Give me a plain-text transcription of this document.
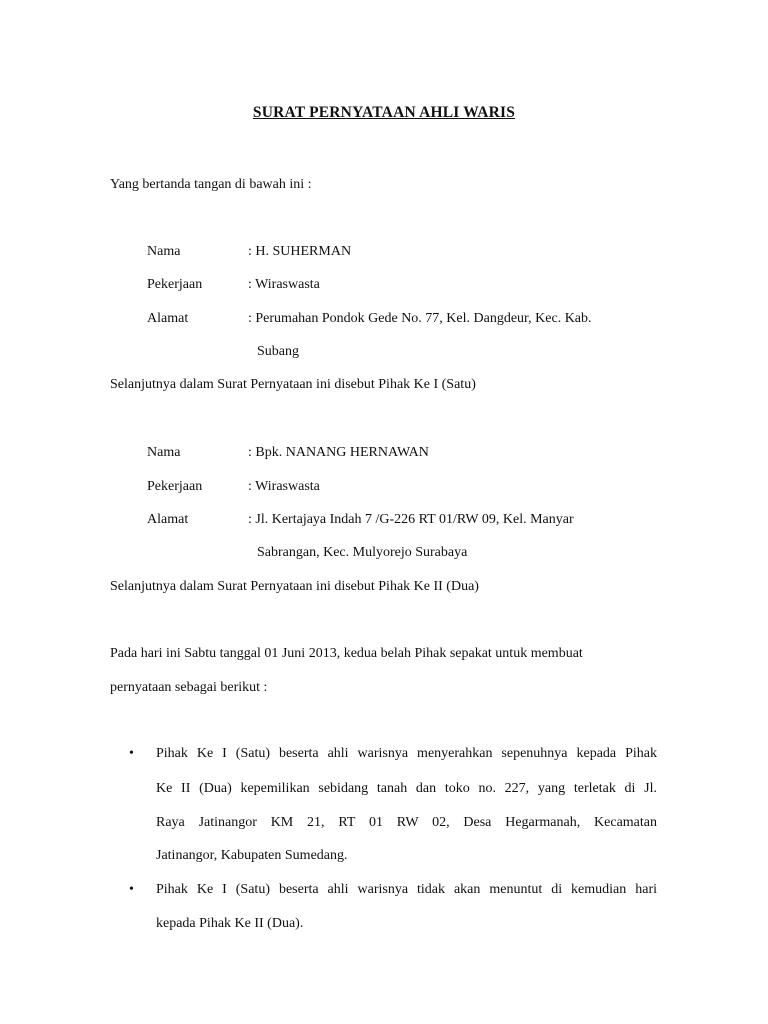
SURAT PERNYATAAN AHLI WARIS
Yang bertanda tangan di bawah ini :
Nama	: H. SUHERMAN
Pekerjaan	: Wiraswasta
Alamat	: Perumahan Pondok Gede No. 77, Kel. Dangdeur, Kec. Kab.
Subang
Selanjutnya dalam Surat Pernyataan ini disebut Pihak Ke I (Satu)
Nama	: Bpk. NANANG HERNAWAN
Pekerjaan	: Wiraswasta
Alamat	: Jl. Kertajaya Indah 7 /G-226 RT 01/RW 09, Kel. Manyar
Sabrangan, Kec. Mulyorejo Surabaya
Selanjutnya dalam Surat Pernyataan ini disebut Pihak Ke II (Dua)
Pada hari ini Sabtu tanggal 01 Juni 2013, kedua belah Pihak sepakat untuk membuat
pernyataan sebagai berikut :
• Pihak Ke I (Satu) beserta ahli warisnya menyerahkan sepenuhnya kepada Pihak
Ke II (Dua) kepemilikan sebidang tanah dan toko no. 227, yang terletak di Jl.
Raya Jatinangor KM 21, RT 01 RW 02, Desa Hegarmanah, Kecamatan
Jatinangor, Kabupaten Sumedang.
• Pihak Ke I (Satu) beserta ahli warisnya tidak akan menuntut di kemudian hari
kepada Pihak Ke II (Dua).
